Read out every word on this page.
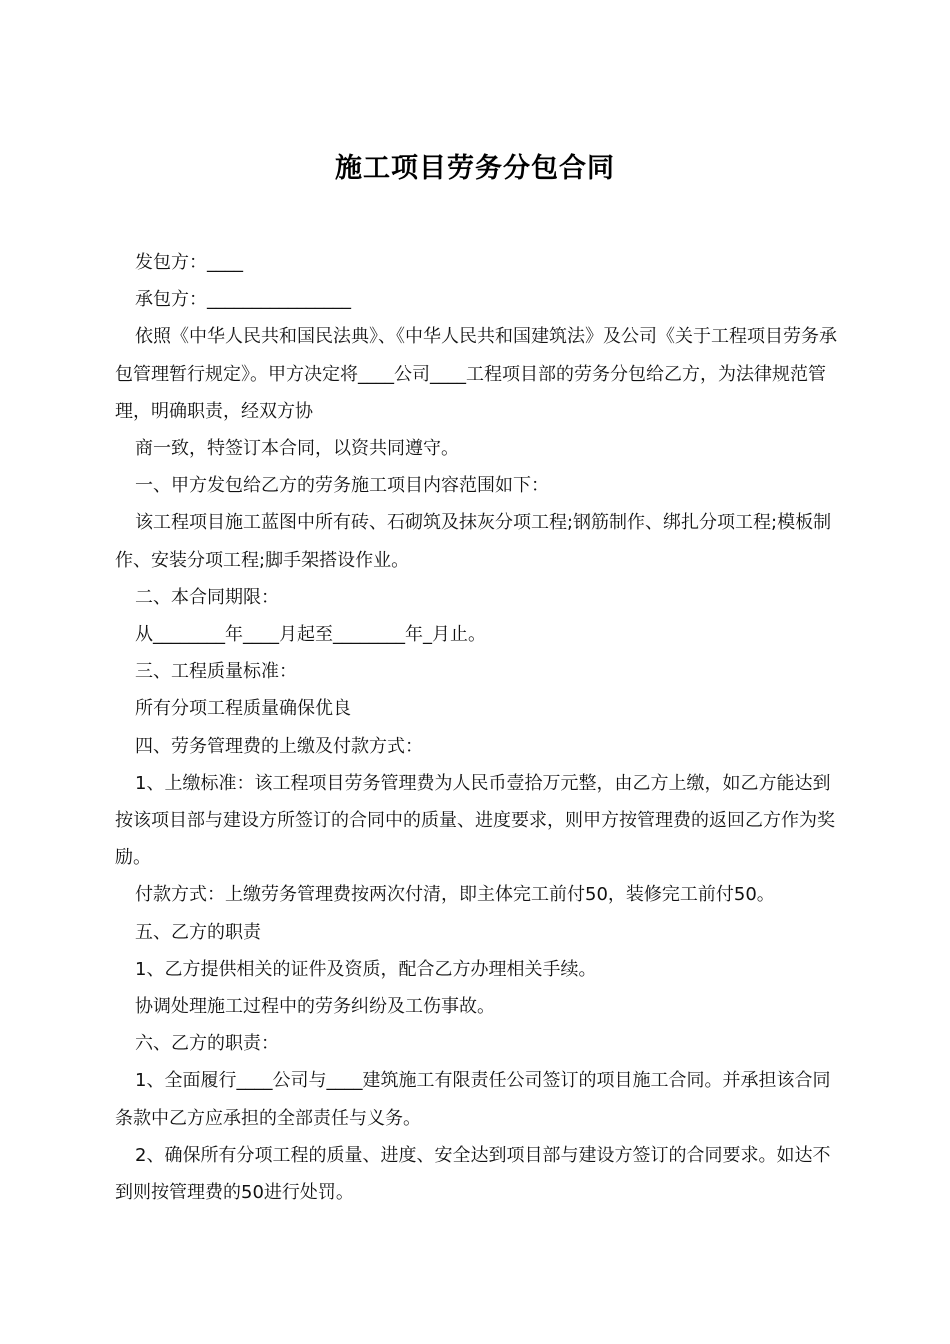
施工项目劳务分包合同

发包方：____

承包方：________________

依照《中华人民共和国民法典》、《中华人民共和国建筑法》及公司《关于工程项目劳务承包管理暂行规定》。甲方决定将____公司____工程项目部的劳务分包给乙方，为法律规范管理，明确职责，经双方协

商一致，特签订本合同，以资共同遵守。

一、甲方发包给乙方的劳务施工项目内容范围如下：

该工程项目施工蓝图中所有砖、石砌筑及抹灰分项工程;钢筋制作、绑扎分项工程;模板制作、安装分项工程;脚手架搭设作业。

二、本合同期限：

从________年____月起至________年_月止。

三、工程质量标准：

所有分项工程质量确保优良

四、劳务管理费的上缴及付款方式：

1、上缴标准：该工程项目劳务管理费为人民币壹拾万元整，由乙方上缴，如乙方能达到按该项目部与建设方所签订的合同中的质量、进度要求，则甲方按管理费的返回乙方作为奖励。

付款方式：上缴劳务管理费按两次付清，即主体完工前付50，装修完工前付50。

五、乙方的职责

1、乙方提供相关的证件及资质，配合乙方办理相关手续。

协调处理施工过程中的劳务纠纷及工伤事故。

六、乙方的职责：

1、全面履行____公司与____建筑施工有限责任公司签订的项目施工合同。并承担该合同条款中乙方应承担的全部责任与义务。

2、确保所有分项工程的质量、进度、安全达到项目部与建设方签订的合同要求。如达不到则按管理费的50进行处罚。
